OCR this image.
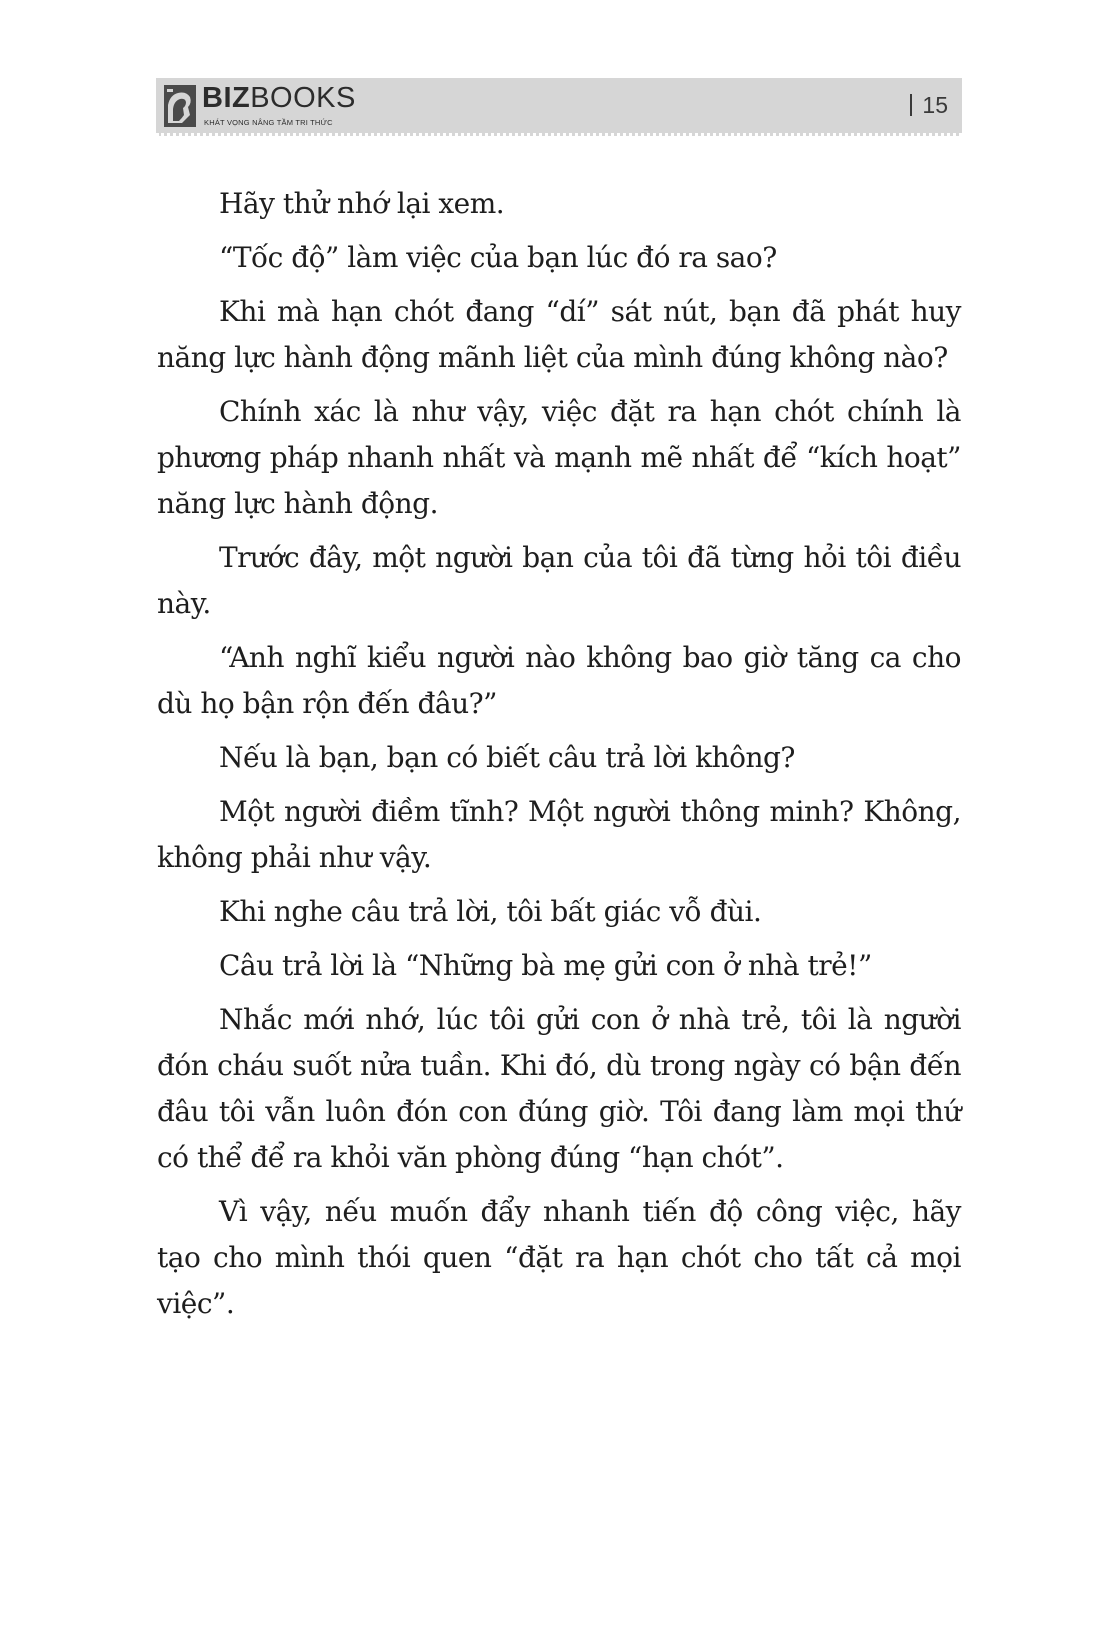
BIZBOOKS
KHÁT VỌNG NÂNG TẦM TRI THỨC
15

Hãy thử nhớ lại xem.

“Tốc độ” làm việc của bạn lúc đó ra sao?

Khi mà hạn chót đang “dí” sát nút, bạn đã phát huy năng lực hành động mãnh liệt của mình đúng không nào?

Chính xác là như vậy, việc đặt ra hạn chót chính là phương pháp nhanh nhất và mạnh mẽ nhất để “kích hoạt” năng lực hành động.

Trước đây, một người bạn của tôi đã từng hỏi tôi điều này.

“Anh nghĩ kiểu người nào không bao giờ tăng ca cho dù họ bận rộn đến đâu?”

Nếu là bạn, bạn có biết câu trả lời không?

Một người điềm tĩnh? Một người thông minh? Không, không phải như vậy.

Khi nghe câu trả lời, tôi bất giác vỗ đùi.

Câu trả lời là “Những bà mẹ gửi con ở nhà trẻ!”

Nhắc mới nhớ, lúc tôi gửi con ở nhà trẻ, tôi là người đón cháu suốt nửa tuần. Khi đó, dù trong ngày có bận đến đâu tôi vẫn luôn đón con đúng giờ. Tôi đang làm mọi thứ có thể để ra khỏi văn phòng đúng “hạn chót”.

Vì vậy, nếu muốn đẩy nhanh tiến độ công việc, hãy tạo cho mình thói quen “đặt ra hạn chót cho tất cả mọi việc”.
